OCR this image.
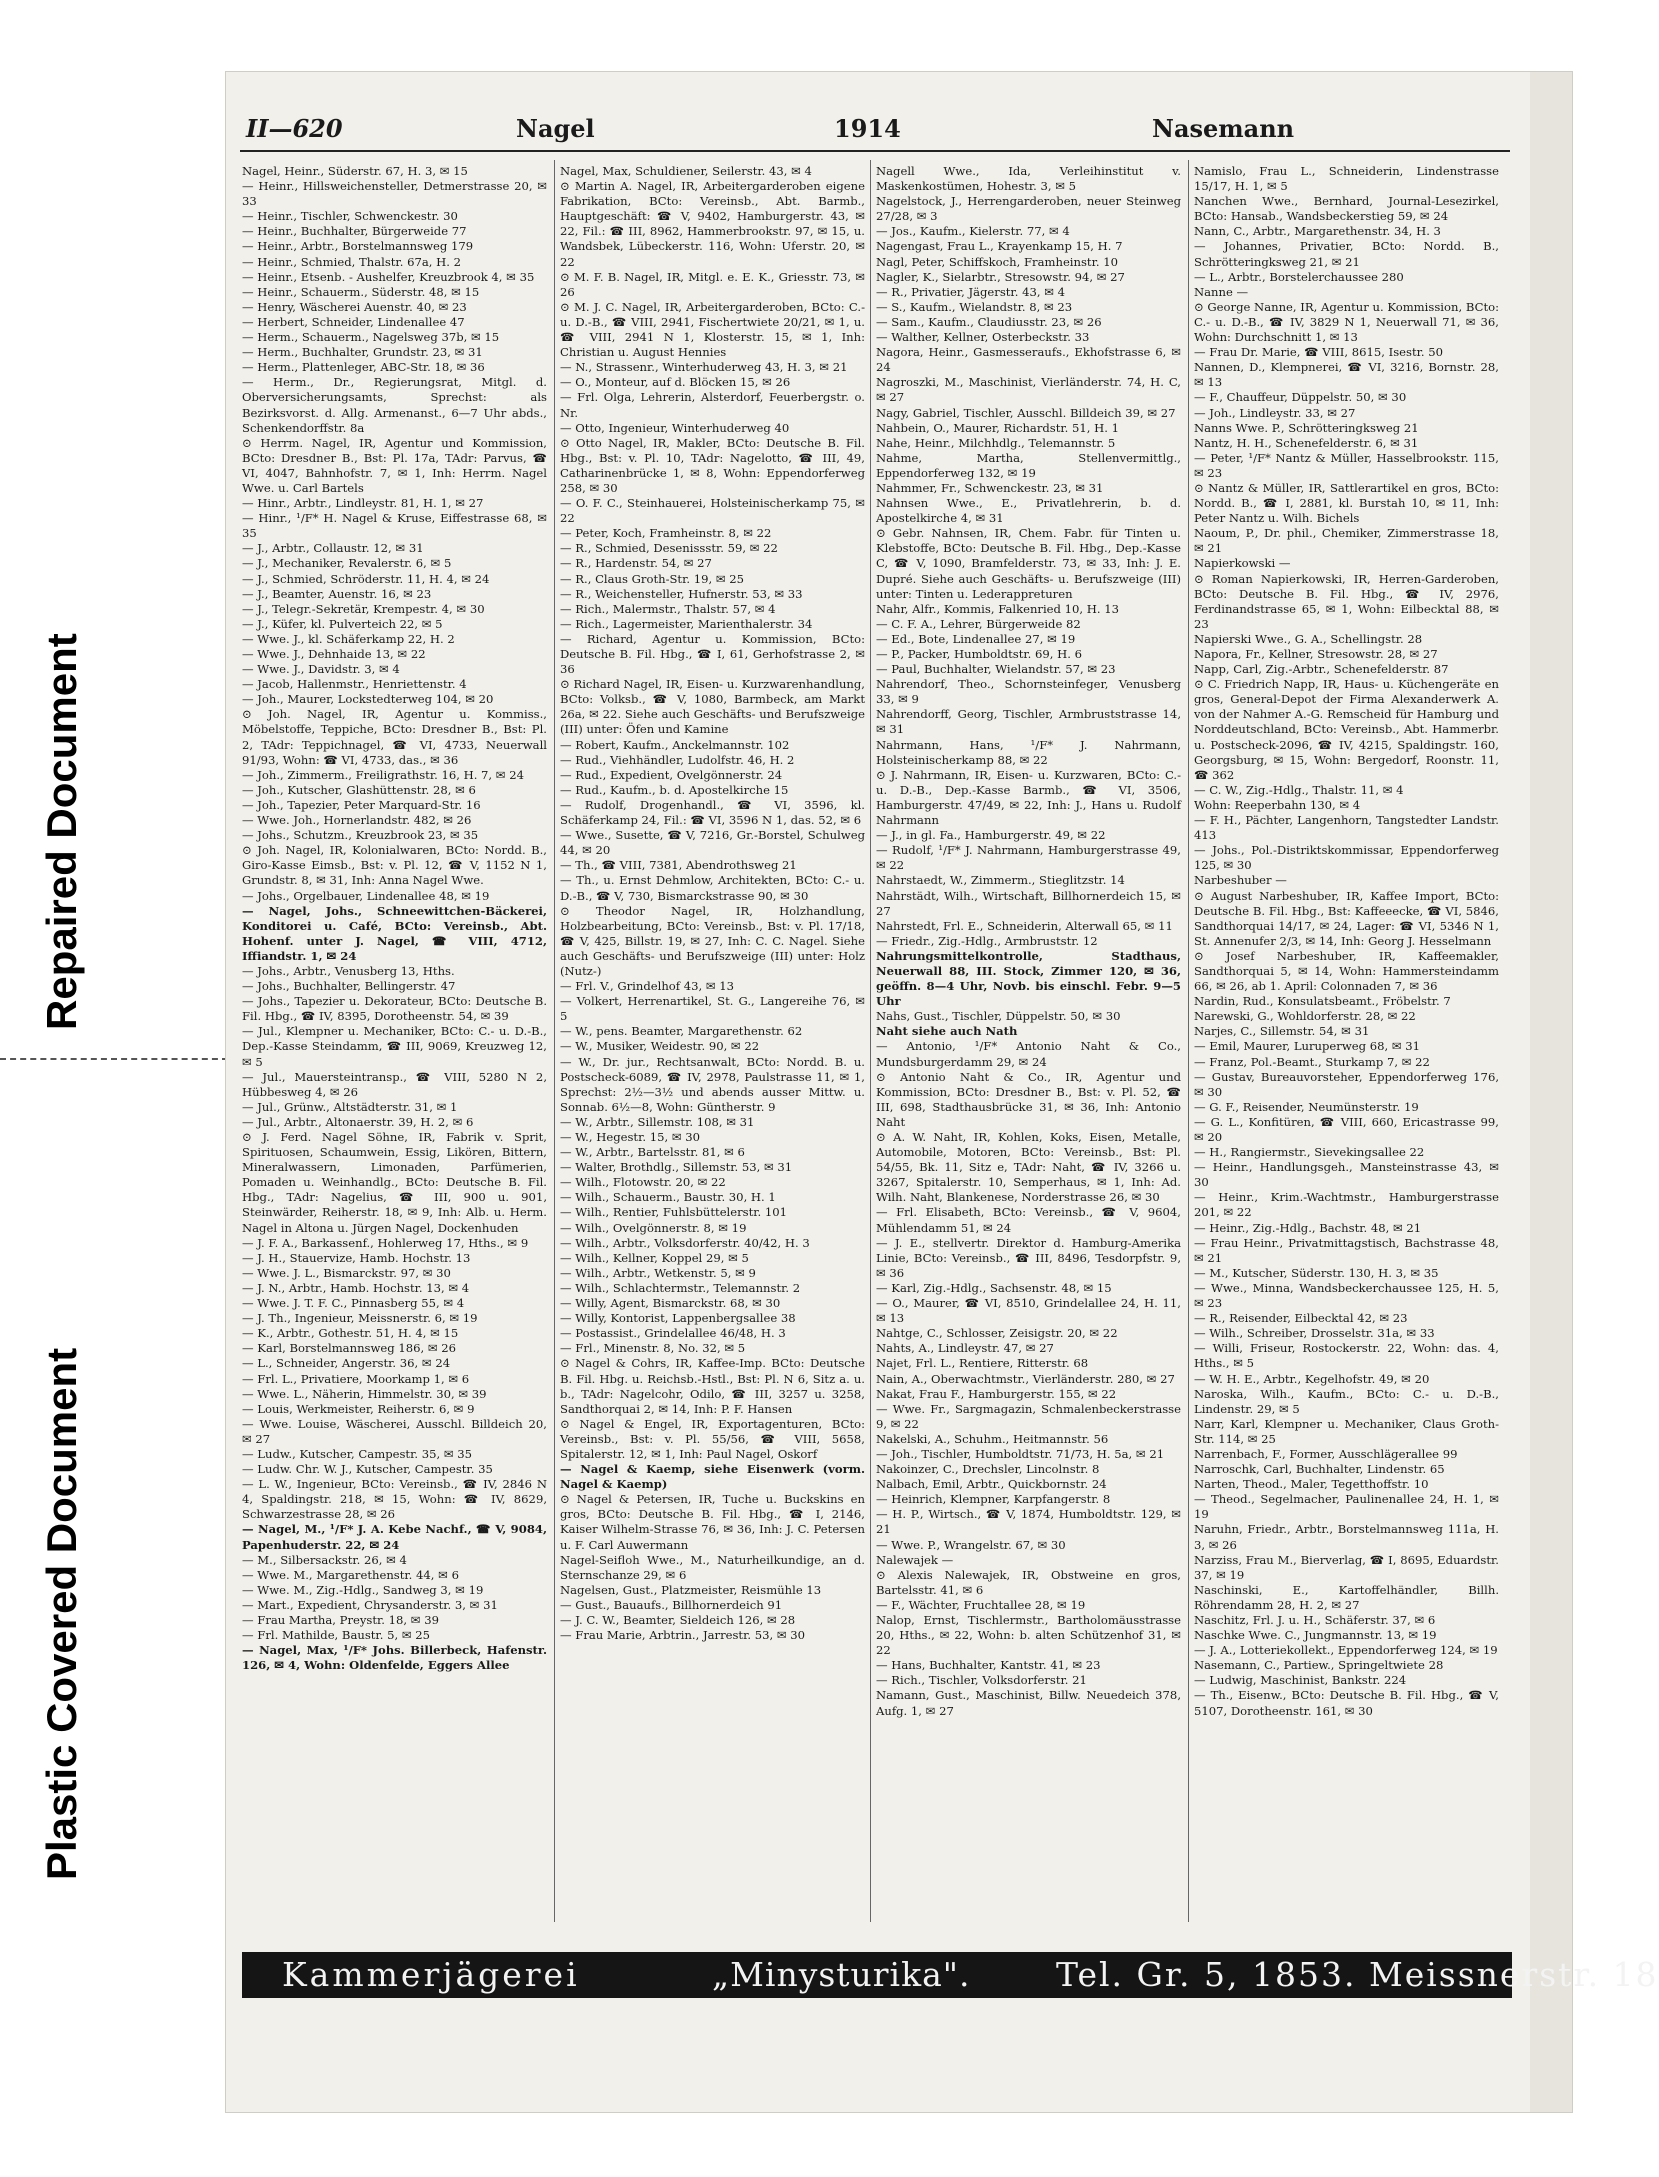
Repaired Document
Plastic Covered Document
II—620	Nagel	1914	Nasemann

Nagel, Heinr., Süderstr. 67, H. 3, ✉ 15

— Heinr., Hillsweichensteller, Detmerstrasse 20, ✉ 33

— Heinr., Tischler, Schwenckestr. 30

— Heinr., Buchhalter, Bürgerweide 77

— Heinr., Arbtr., Borstelmannsweg 179

— Heinr., Schmied, Thalstr. 67a, H. 2

— Heinr., Etsenb. - Aushelfer, Kreuzbrook 4, ✉ 35

— Heinr., Schauerm., Süderstr. 48, ✉ 15

— Henry, Wäscherei Auenstr. 40, ✉ 23

— Herbert, Schneider, Lindenallee 47

— Herm., Schauerm., Nagelsweg 37b, ✉ 15

— Herm., Buchhalter, Grundstr. 23, ✉ 31

— Herm., Plattenleger, ABC-Str. 18, ✉ 36

— Herm., Dr., Regierungsrat, Mitgl. d. Oberversicherungsamts, Sprechst: als Bezirksvorst. d. Allg. Armenanst., 6—7 Uhr abds., Schenkendorffstr. 8a

⊙ Herrm. Nagel, IR, Agentur und Kommission, BCto: Dresdner B., Bst: Pl. 17a, TAdr: Parvus, ☎ VI, 4047, Bahnhofstr. 7, ✉ 1, Inh: Herrm. Nagel Wwe. u. Carl Bartels

— Hinr., Arbtr., Lindleystr. 81, H. 1, ✉ 27

— Hinr., ¹/F* H. Nagel & Kruse, Eiffestrasse 68, ✉ 35

— J., Arbtr., Collaustr. 12, ✉ 31

— J., Mechaniker, Revalerstr. 6, ✉ 5

— J., Schmied, Schröderstr. 11, H. 4, ✉ 24

— J., Beamter, Auenstr. 16, ✉ 23

— J., Telegr.-Sekretär, Krempestr. 4, ✉ 30

— J., Küfer, kl. Pulverteich 22, ✉ 5

— Wwe. J., kl. Schäferkamp 22, H. 2

— Wwe. J., Dehnhaide 13, ✉ 22

— Wwe. J., Davidstr. 3, ✉ 4

— Jacob, Hallenmstr., Henriettenstr. 4

— Joh., Maurer, Lockstedterweg 104, ✉ 20

⊙ Joh. Nagel, IR, Agentur u. Kommiss., Möbelstoffe, Teppiche, BCto: Dresdner B., Bst: Pl. 2, TAdr: Teppichnagel, ☎ VI, 4733, Neuerwall 91/93, Wohn: ☎ VI, 4733, das., ✉ 36

— Joh., Zimmerm., Freiligrathstr. 16, H. 7, ✉ 24

— Joh., Kutscher, Glashüttenstr. 28, ✉ 6

— Joh., Tapezier, Peter Marquard-Str. 16

— Wwe. Joh., Hornerlandstr. 482, ✉ 26

— Johs., Schutzm., Kreuzbrook 23, ✉ 35

⊙ Joh. Nagel, IR, Kolonialwaren, BCto: Nordd. B., Giro-Kasse Eimsb., Bst: v. Pl. 12, ☎ V, 1152 N 1, Grundstr. 8, ✉ 31, Inh: Anna Nagel Wwe.

— Johs., Orgelbauer, Lindenallee 48, ✉ 19

— Nagel, Johs., Schneewittchen-Bäckerei, Konditorei u. Café, BCto: Vereinsb., Abt. Hohenf. unter J. Nagel, ☎ VIII, 4712, Iffiandstr. 1, ✉ 24

— Johs., Arbtr., Venusberg 13, Hths.

— Johs., Buchhalter, Bellingerstr. 47

— Johs., Tapezier u. Dekorateur, BCto: Deutsche B. Fil. Hbg., ☎ IV, 8395, Dorotheenstr. 54, ✉ 39

— Jul., Klempner u. Mechaniker, BCto: C.- u. D.-B., Dep.-Kasse Steindamm, ☎ III, 9069, Kreuzweg 12, ✉ 5

— Jul., Mauersteintransp., ☎ VIII, 5280 N 2, Hübbesweg 4, ✉ 26

— Jul., Grünw., Altstädterstr. 31, ✉ 1

— Jul., Arbtr., Altonaerstr. 39, H. 2, ✉ 6

⊙ J. Ferd. Nagel Söhne, IR, Fabrik v. Sprit, Spirituosen, Schaumwein, Essig, Likören, Bittern, Mineralwassern, Limonaden, Parfümerien, Pomaden u. Weinhandlg., BCto: Deutsche B. Fil. Hbg., TAdr: Nagelius, ☎ III, 900 u. 901, Steinwärder, Reiherstr. 18, ✉ 9, Inh: Alb. u. Herm. Nagel in Altona u. Jürgen Nagel, Dockenhuden

— J. F. A., Barkassenf., Hohlerweg 17, Hths., ✉ 9

— J. H., Stauervize, Hamb. Hochstr. 13

— Wwe. J. L., Bismarckstr. 97, ✉ 30

— J. N., Arbtr., Hamb. Hochstr. 13, ✉ 4

— Wwe. J. T. F. C., Pinnasberg 55, ✉ 4

— J. Th., Ingenieur, Meissnerstr. 6, ✉ 19

— K., Arbtr., Gothestr. 51, H. 4, ✉ 15

— Karl, Borstelmannsweg 186, ✉ 26

— L., Schneider, Angerstr. 36, ✉ 24

— Frl. L., Privatiere, Moorkamp 1, ✉ 6

— Wwe. L., Näherin, Himmelstr. 30, ✉ 39

— Louis, Werkmeister, Reiherstr. 6, ✉ 9

— Wwe. Louise, Wäscherei, Ausschl. Billdeich 20, ✉ 27

— Ludw., Kutscher, Campestr. 35, ✉ 35

— Ludw. Chr. W. J., Kutscher, Campestr. 35

— L. W., Ingenieur, BCto: Vereinsb., ☎ IV, 2846 N 4, Spaldingstr. 218, ✉ 15, Wohn: ☎ IV, 8629, Schwarzestrasse 28, ✉ 26

— Nagel, M., ¹/F* J. A. Kebe Nachf., ☎ V, 9084, Papenhuderstr. 22, ✉ 24

— M., Silbersackstr. 26, ✉ 4

— Wwe. M., Margarethenstr. 44, ✉ 6

— Wwe. M., Zig.-Hdlg., Sandweg 3, ✉ 19

— Mart., Expedient, Chrysanderstr. 3, ✉ 31

— Frau Martha, Preystr. 18, ✉ 39

— Frl. Mathilde, Baustr. 5, ✉ 25

— Nagel, Max, ¹/F* Johs. Billerbeck, Hafenstr. 126, ✉ 4, Wohn: Oldenfelde, Eggers Allee

Nagel, Max, Schuldiener, Seilerstr. 43, ✉ 4

⊙ Martin A. Nagel, IR, Arbeitergarderoben eigene Fabrikation, BCto: Vereinsb., Abt. Barmb., Hauptgeschäft: ☎ V, 9402, Hamburgerstr. 43, ✉ 22, Fil.: ☎ III, 8962, Hammerbrookstr. 97, ✉ 15, u. Wandsbek, Lübeckerstr. 116, Wohn: Uferstr. 20, ✉ 22

⊙ M. F. B. Nagel, IR, Mitgl. e. E. K., Griesstr. 73, ✉ 26

⊙ M. J. C. Nagel, IR, Arbeitergarderoben, BCto: C.- u. D.-B., ☎ VIII, 2941, Fischertwiete 20/21, ✉ 1, u. ☎ VIII, 2941 N 1, Klosterstr. 15, ✉ 1, Inh: Christian u. August Hennies

— N., Strassenr., Winterhuderweg 43, H. 3, ✉ 21

— O., Monteur, auf d. Blöcken 15, ✉ 26

— Frl. Olga, Lehrerin, Alsterdorf, Feuerbergstr. o. Nr.

— Otto, Ingenieur, Winterhuderweg 40

⊙ Otto Nagel, IR, Makler, BCto: Deutsche B. Fil. Hbg., Bst: v. Pl. 10, TAdr: Nagelotto, ☎ III, 49, Catharinenbrücke 1, ✉ 8, Wohn: Eppendorferweg 258, ✉ 30

— O. F. C., Steinhauerei, Holsteinischerkamp 75, ✉ 22

— Peter, Koch, Framheinstr. 8, ✉ 22

— R., Schmied, Desenissstr. 59, ✉ 22

— R., Hardenstr. 54, ✉ 27

— R., Claus Groth-Str. 19, ✉ 25

— R., Weichensteller, Hufnerstr. 53, ✉ 33

— Rich., Malermstr., Thalstr. 57, ✉ 4

— Rich., Lagermeister, Marienthalerstr. 34

— Richard, Agentur u. Kommission, BCto: Deutsche B. Fil. Hbg., ☎ I, 61, Gerhofstrasse 2, ✉ 36

⊙ Richard Nagel, IR, Eisen- u. Kurzwarenhandlung, BCto: Volksb., ☎ V, 1080, Barmbeck, am Markt 26a, ✉ 22. Siehe auch Geschäfts- und Berufszweige (III) unter: Öfen und Kamine

— Robert, Kaufm., Anckelmannstr. 102

— Rud., Viehhändler, Ludolfstr. 46, H. 2

— Rud., Expedient, Ovelgönnerstr. 24

— Rud., Kaufm., b. d. Apostelkirche 15

— Rudolf, Drogenhandl., ☎ VI, 3596, kl. Schäferkamp 24, Fil.: ☎ VI, 3596 N 1, das. 52, ✉ 6

— Wwe., Susette, ☎ V, 7216, Gr.-Borstel, Schulweg 44, ✉ 20

— Th., ☎ VIII, 7381, Abendrothsweg 21

— Th., u. Ernst Dehmlow, Architekten, BCto: C.- u. D.-B., ☎ V, 730, Bismarckstrasse 90, ✉ 30

⊙ Theodor Nagel, IR, Holzhandlung, Holzbearbeitung, BCto: Vereinsb., Bst: v. Pl. 17/18, ☎ V, 425, Billstr. 19, ✉ 27, Inh: C. C. Nagel. Siehe auch Geschäfts- und Berufszweige (III) unter: Holz (Nutz-)

— Frl. V., Grindelhof 43, ✉ 13

— Volkert, Herrenartikel, St. G., Langereihe 76, ✉ 5

— W., pens. Beamter, Margarethenstr. 62

— W., Musiker, Weidestr. 90, ✉ 22

— W., Dr. jur., Rechtsanwalt, BCto: Nordd. B. u. Postscheck-6089, ☎ IV, 2978, Paulstrasse 11, ✉ 1, Sprechst: 2½—3½ und abends ausser Mittw. u. Sonnab. 6½—8, Wohn: Güntherstr. 9

— W., Arbtr., Sillemstr. 108, ✉ 31

— W., Hegestr. 15, ✉ 30

— W., Arbtr., Bartelsstr. 81, ✉ 6

— Walter, Brothdlg., Sillemstr. 53, ✉ 31

— Wilh., Flotowstr. 20, ✉ 22

— Wilh., Schauerm., Baustr. 30, H. 1

— Wilh., Rentier, Fuhlsbüttelerstr. 101

— Wilh., Ovelgönnerstr. 8, ✉ 19

— Wilh., Arbtr., Volksdorferstr. 40/42, H. 3

— Wilh., Kellner, Koppel 29, ✉ 5

— Wilh., Arbtr., Wetkenstr. 5, ✉ 9

— Wilh., Schlachtermstr., Telemannstr. 2

— Willy, Agent, Bismarckstr. 68, ✉ 30

— Willy, Kontorist, Lappenbergsallee 38

— Postassist., Grindelallee 46/48, H. 3

— Frl., Minenstr. 8, No. 32, ✉ 5

⊙ Nagel & Cohrs, IR, Kaffee-Imp. BCto: Deutsche B. Fil. Hbg. u. Reichsb.-Hstl., Bst: Pl. N 6, Sitz a. u. b., TAdr: Nagelcohr, Odilo, ☎ III, 3257 u. 3258, Sandthorquai 2, ✉ 14, Inh: P. F. Hansen

⊙ Nagel & Engel, IR, Exportagenturen, BCto: Vereinsb., Bst: v. Pl. 55/56, ☎ VIII, 5658, Spitalerstr. 12, ✉ 1, Inh: Paul Nagel, Oskorf

— Nagel & Kaemp, siehe Eisenwerk (vorm. Nagel & Kaemp)

⊙ Nagel & Petersen, IR, Tuche u. Buckskins en gros, BCto: Deutsche B. Fil. Hbg., ☎ I, 2146, Kaiser Wilhelm-Strasse 76, ✉ 36, Inh: J. C. Petersen u. F. Carl Auwermann

Nagel-Seifloh Wwe., M., Naturheilkundige, an d. Sternschanze 29, ✉ 6

Nagelsen, Gust., Platzmeister, Reismühle 13

— Gust., Bauaufs., Billhornerdeich 91

— J. C. W., Beamter, Sieldeich 126, ✉ 28

— Frau Marie, Arbtrin., Jarrestr. 53, ✉ 30

Nagell Wwe., Ida, Verleihinstitut v. Maskenkostümen, Hohestr. 3, ✉ 5

Nagelstock, J., Herrengarderoben, neuer Steinweg 27/28, ✉ 3

— Jos., Kaufm., Kielerstr. 77, ✉ 4

Nagengast, Frau L., Krayenkamp 15, H. 7

Nagl, Peter, Schiffskoch, Framheinstr. 10

Nagler, K., Sielarbtr., Stresowstr. 94, ✉ 27

— R., Privatier, Jägerstr. 43, ✉ 4

— S., Kaufm., Wielandstr. 8, ✉ 23

— Sam., Kaufm., Claudiusstr. 23, ✉ 26

— Walther, Kellner, Osterbeckstr. 33

Nagora, Heinr., Gasmesseraufs., Ekhofstrasse 6, ✉ 24

Nagroszki, M., Maschinist, Vierländerstr. 74, H. C, ✉ 27

Nagy, Gabriel, Tischler, Ausschl. Billdeich 39, ✉ 27

Nahbein, O., Maurer, Richardstr. 51, H. 1

Nahe, Heinr., Milchhdlg., Telemannstr. 5

Nahme, Martha, Stellenvermittlg., Eppendorferweg 132, ✉ 19

Nahmmer, Fr., Schwenckestr. 23, ✉ 31

Nahnsen Wwe., E., Privatlehrerin, b. d. Apostelkirche 4, ✉ 31

⊙ Gebr. Nahnsen, IR, Chem. Fabr. für Tinten u. Klebstoffe, BCto: Deutsche B. Fil. Hbg., Dep.-Kasse C, ☎ V, 1090, Bramfelderstr. 73, ✉ 33, Inh: J. E. Dupré. Siehe auch Geschäfts- u. Berufszweige (III) unter: Tinten u. Lederappreturen

Nahr, Alfr., Kommis, Falkenried 10, H. 13

— C. F. A., Lehrer, Bürgerweide 82

— Ed., Bote, Lindenallee 27, ✉ 19

— P., Packer, Humboldtstr. 69, H. 6

— Paul, Buchhalter, Wielandstr. 57, ✉ 23

Nahrendorf, Theo., Schornsteinfeger, Venusberg 33, ✉ 9

Nahrendorff, Georg, Tischler, Armbruststrasse 14, ✉ 31

Nahrmann, Hans, ¹/F* J. Nahrmann, Holsteinischerkamp 88, ✉ 22

⊙ J. Nahrmann, IR, Eisen- u. Kurzwaren, BCto: C.- u. D.-B., Dep.-Kasse Barmb., ☎ VI, 3506, Hamburgerstr. 47/49, ✉ 22, Inh: J., Hans u. Rudolf Nahrmann

— J., in gl. Fa., Hamburgerstr. 49, ✉ 22

— Rudolf, ¹/F* J. Nahrmann, Hamburgerstrasse 49, ✉ 22

Nahrstaedt, W., Zimmerm., Stieglitzstr. 14

Nahrstädt, Wilh., Wirtschaft, Billhornerdeich 15, ✉ 27

Nahrstedt, Frl. E., Schneiderin, Alterwall 65, ✉ 11

— Friedr., Zig.-Hdlg., Armbruststr. 12

Nahrungsmittelkontrolle, Stadthaus, Neuerwall 88, III. Stock, Zimmer 120, ✉ 36, geöffn. 8—4 Uhr, Novb. bis einschl. Febr. 9—5 Uhr

Nahs, Gust., Tischler, Düppelstr. 50, ✉ 30

Naht siehe auch Nath

— Antonio, ¹/F* Antonio Naht & Co., Mundsburgerdamm 29, ✉ 24

⊙ Antonio Naht & Co., IR, Agentur und Kommission, BCto: Dresdner B., Bst: v. Pl. 52, ☎ III, 698, Stadthausbrücke 31, ✉ 36, Inh: Antonio Naht

⊙ A. W. Naht, IR, Kohlen, Koks, Eisen, Metalle, Automobile, Motoren, BCto: Vereinsb., Bst: Pl. 54/55, Bk. 11, Sitz e, TAdr: Naht, ☎ IV, 3266 u. 3267, Spitalerstr. 10, Semperhaus, ✉ 1, Inh: Ad. Wilh. Naht, Blankenese, Norderstrasse 26, ✉ 30

— Frl. Elisabeth, BCto: Vereinsb., ☎ V, 9604, Mühlendamm 51, ✉ 24

— J. E., stellvertr. Direktor d. Hamburg-Amerika Linie, BCto: Vereinsb., ☎ III, 8496, Tesdorpfstr. 9, ✉ 36

— Karl, Zig.-Hdlg., Sachsenstr. 48, ✉ 15

— O., Maurer, ☎ VI, 8510, Grindelallee 24, H. 11, ✉ 13

Nahtge, C., Schlosser, Zeisigstr. 20, ✉ 22

Nahts, A., Lindleystr. 47, ✉ 27

Najet, Frl. L., Rentiere, Ritterstr. 68

Nain, A., Oberwachtmstr., Vierländerstr. 280, ✉ 27

Nakat, Frau F., Hamburgerstr. 155, ✉ 22

— Wwe. Fr., Sargmagazin, Schmalenbeckerstrasse 9, ✉ 22

Nakelski, A., Schuhm., Heitmannstr. 56

— Joh., Tischler, Humboldtstr. 71/73, H. 5a, ✉ 21

Nakoinzer, C., Drechsler, Lincolnstr. 8

Nalbach, Emil, Arbtr., Quickbornstr. 24

— Heinrich, Klempner, Karpfangerstr. 8

— H. P., Wirtsch., ☎ V, 1874, Humboldtstr. 129, ✉ 21

— Wwe. P., Wrangelstr. 67, ✉ 30

Nalewajek —

⊙ Alexis Nalewajek, IR, Obstweine en gros, Bartelsstr. 41, ✉ 6

— F., Wächter, Fruchtallee 28, ✉ 19

Nalop, Ernst, Tischlermstr., Bartholomäusstrasse 20, Hths., ✉ 22, Wohn: b. alten Schützenhof 31, ✉ 22

— Hans, Buchhalter, Kantstr. 41, ✉ 23

— Rich., Tischler, Volksdorferstr. 21

Namann, Gust., Maschinist, Billw. Neuedeich 378, Aufg. 1, ✉ 27

Namislo, Frau L., Schneiderin, Lindenstrasse 15/17, H. 1, ✉ 5

Nanchen Wwe., Bernhard, Journal-Lesezirkel, BCto: Hansab., Wandsbeckerstieg 59, ✉ 24

Nann, C., Arbtr., Margarethenstr. 34, H. 3

— Johannes, Privatier, BCto: Nordd. B., Schrötteringksweg 21, ✉ 21

— L., Arbtr., Borstelerchaussee 280

Nanne —

⊙ George Nanne, IR, Agentur u. Kommission, BCto: C.- u. D.-B., ☎ IV, 3829 N 1, Neuerwall 71, ✉ 36, Wohn: Durchschnitt 1, ✉ 13

— Frau Dr. Marie, ☎ VIII, 8615, Isestr. 50

Nannen, D., Klempnerei, ☎ VI, 3216, Bornstr. 28, ✉ 13

— F., Chauffeur, Düppelstr. 50, ✉ 30

— Joh., Lindleystr. 33, ✉ 27

Nanns Wwe. P., Schrötteringksweg 21

Nantz, H. H., Schenefelderstr. 6, ✉ 31

— Peter, ¹/F* Nantz & Müller, Hasselbrookstr. 115, ✉ 23

⊙ Nantz & Müller, IR, Sattlerartikel en gros, BCto: Nordd. B., ☎ I, 2881, kl. Burstah 10, ✉ 11, Inh: Peter Nantz u. Wilh. Bichels

Naoum, P., Dr. phil., Chemiker, Zimmerstrasse 18, ✉ 21

Napierkowski —

⊙ Roman Napierkowski, IR, Herren-Garderoben, BCto: Deutsche B. Fil. Hbg., ☎ IV, 2976, Ferdinandstrasse 65, ✉ 1, Wohn: Eilbecktal 88, ✉ 23

Napierski Wwe., G. A., Schellingstr. 28

Napora, Fr., Kellner, Stresowstr. 28, ✉ 27

Napp, Carl, Zig.-Arbtr., Schenefelderstr. 87

⊙ C. Friedrich Napp, IR, Haus- u. Küchengeräte en gros, General-Depot der Firma Alexanderwerk A. von der Nahmer A.-G. Remscheid für Hamburg und Norddeutschland, BCto: Vereinsb., Abt. Hammerbr. u. Postscheck-2096, ☎ IV, 4215, Spaldingstr. 160, Georgsburg, ✉ 15, Wohn: Bergedorf, Roonstr. 11, ☎ 362

— C. W., Zig.-Hdlg., Thalstr. 11, ✉ 4

Wohn: Reeperbahn 130, ✉ 4

— F. H., Pächter, Langenhorn, Tangstedter Landstr. 413

— Johs., Pol.-Distriktskommissar, Eppendorferweg 125, ✉ 30

Narbeshuber —

⊙ August Narbeshuber, IR, Kaffee Import, BCto: Deutsche B. Fil. Hbg., Bst: Kaffeeecke, ☎ VI, 5846, Sandthorquai 14/17, ✉ 24, Lager: ☎ VI, 5346 N 1, St. Annenufer 2/3, ✉ 14, Inh: Georg J. Hesselmann

⊙ Josef Narbeshuber, IR, Kaffeemakler, Sandthorquai 5, ✉ 14, Wohn: Hammersteindamm 66, ✉ 26, ab 1. April: Colonnaden 7, ✉ 36

Nardin, Rud., Konsulatsbeamt., Fröbelstr. 7

Narewski, G., Wohldorferstr. 28, ✉ 22

Narjes, C., Sillemstr. 54, ✉ 31

— Emil, Maurer, Luruperweg 68, ✉ 31

— Franz, Pol.-Beamt., Sturkamp 7, ✉ 22

— Gustav, Bureauvorsteher, Eppendorferweg 176, ✉ 30

— G. F., Reisender, Neumünsterstr. 19

— G. L., Konfitüren, ☎ VIII, 660, Ericastrasse 99, ✉ 20

— H., Rangiermstr., Sievekingsallee 22

— Heinr., Handlungsgeh., Mansteinstrasse 43, ✉ 30

— Heinr., Krim.-Wachtmstr., Hamburgerstrasse 201, ✉ 22

— Heinr., Zig.-Hdlg., Bachstr. 48, ✉ 21

— Frau Heinr., Privatmittagstisch, Bachstrasse 48, ✉ 21

— M., Kutscher, Süderstr. 130, H. 3, ✉ 35

— Wwe., Minna, Wandsbeckerchaussee 125, H. 5, ✉ 23

— R., Reisender, Eilbecktal 42, ✉ 23

— Wilh., Schreiber, Drosselstr. 31a, ✉ 33

— Willi, Friseur, Rostockerstr. 22, Wohn: das. 4, Hths., ✉ 5

— W. H. E., Arbtr., Kegelhofstr. 49, ✉ 20

Naroska, Wilh., Kaufm., BCto: C.- u. D.-B., Lindenstr. 29, ✉ 5

Narr, Karl, Klempner u. Mechaniker, Claus Groth-Str. 114, ✉ 25

Narrenbach, F., Former, Ausschlägerallee 99

Narroschk, Carl, Buchhalter, Lindenstr. 65

Narten, Theod., Maler, Tegetthoffstr. 10

— Theod., Segelmacher, Paulinenallee 24, H. 1, ✉ 19

Naruhn, Friedr., Arbtr., Borstelmannsweg 111a, H. 3, ✉ 26

Narziss, Frau M., Bierverlag, ☎ I, 8695, Eduardstr. 37, ✉ 19

Naschinski, E., Kartoffelhändler, Billh. Röhrendamm 28, H. 2, ✉ 27

Naschitz, Frl. J. u. H., Schäferstr. 37, ✉ 6

Naschke Wwe. C., Jungmannstr. 13, ✉ 19

— J. A., Lotteriekollekt., Eppendorferweg 124, ✉ 19

Nasemann, C., Partiew., Springeltwiete 28

— Ludwig, Maschinist, Bankstr. 224

— Th., Eisenw., BCto: Deutsche B. Fil. Hbg., ☎ V, 5107, Dorotheenstr. 161, ✉ 30

Kammerjägerei	„Minysturika".	Tel. Gr. 5, 1853. Meissnerstr. 18
